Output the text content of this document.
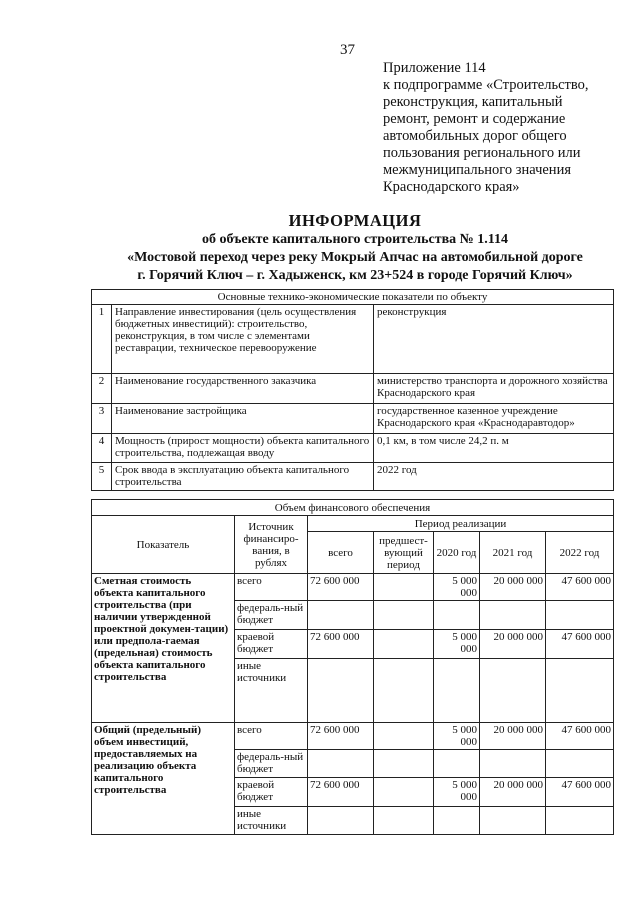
37
Приложение 114
к подпрограмме «Строительство,
реконструкция, капитальный
ремонт, ремонт и содержание
автомобильных дорог общего
пользования регионального или
межмуниципального значения
Краснодарского края»
ИНФОРМАЦИЯ
об объекте капитального строительства № 1.114
«Мостовой переход через реку Мокрый Апчас на автомобильной дороге
г. Горячий Ключ – г. Хадыженск, км 23+524 в городе Горячий Ключ»
Основные технико-экономические показатели по объекту		
1	Направление инвестирования (цель осуществления бюджетных инвестиций): строительство, реконструкция, в том числе с элементами реставрации, техническое перевооружение	реконструкция
2	Наименование государственного заказчика	министерство транспорта и дорожного хозяйства Краснодарского края
3	Наименование застройщика	государственное казенное учреждение Краснодарского края «Краснодаравтодор»
4	Мощность (прирост мощности) объекта капитального строительства, подлежащая вводу	0,1 км, в том числе 24,2 п. м
5	Срок ввода в эксплуатацию объекта капитального строительства	2022 год
Объем финансового обеспечения						
Показатель	Источник финансиро-вания, в рублях	Период реализации				
		всего	предшест-вующий период	2020 год	2021 год	2022 год
Сметная стоимость объекта капитального строительства (при наличии утвержденной проектной докумен-тации) или предпола-гаемая (предельная) стоимость объекта капитального строительства	всего	72 600 000		5 000 000	20 000 000	47 600 000
	федераль-ный бюджет					
	краевой бюджет	72 600 000		5 000 000	20 000 000	47 600 000
	иные источники					
Общий (предельный) объем инвестиций, предоставляемых на реализацию объекта капитального строительства	всего	72 600 000		5 000 000	20 000 000	47 600 000
	федераль-ный бюджет					
	краевой бюджет	72 600 000		5 000 000	20 000 000	47 600 000
	иные источники					
